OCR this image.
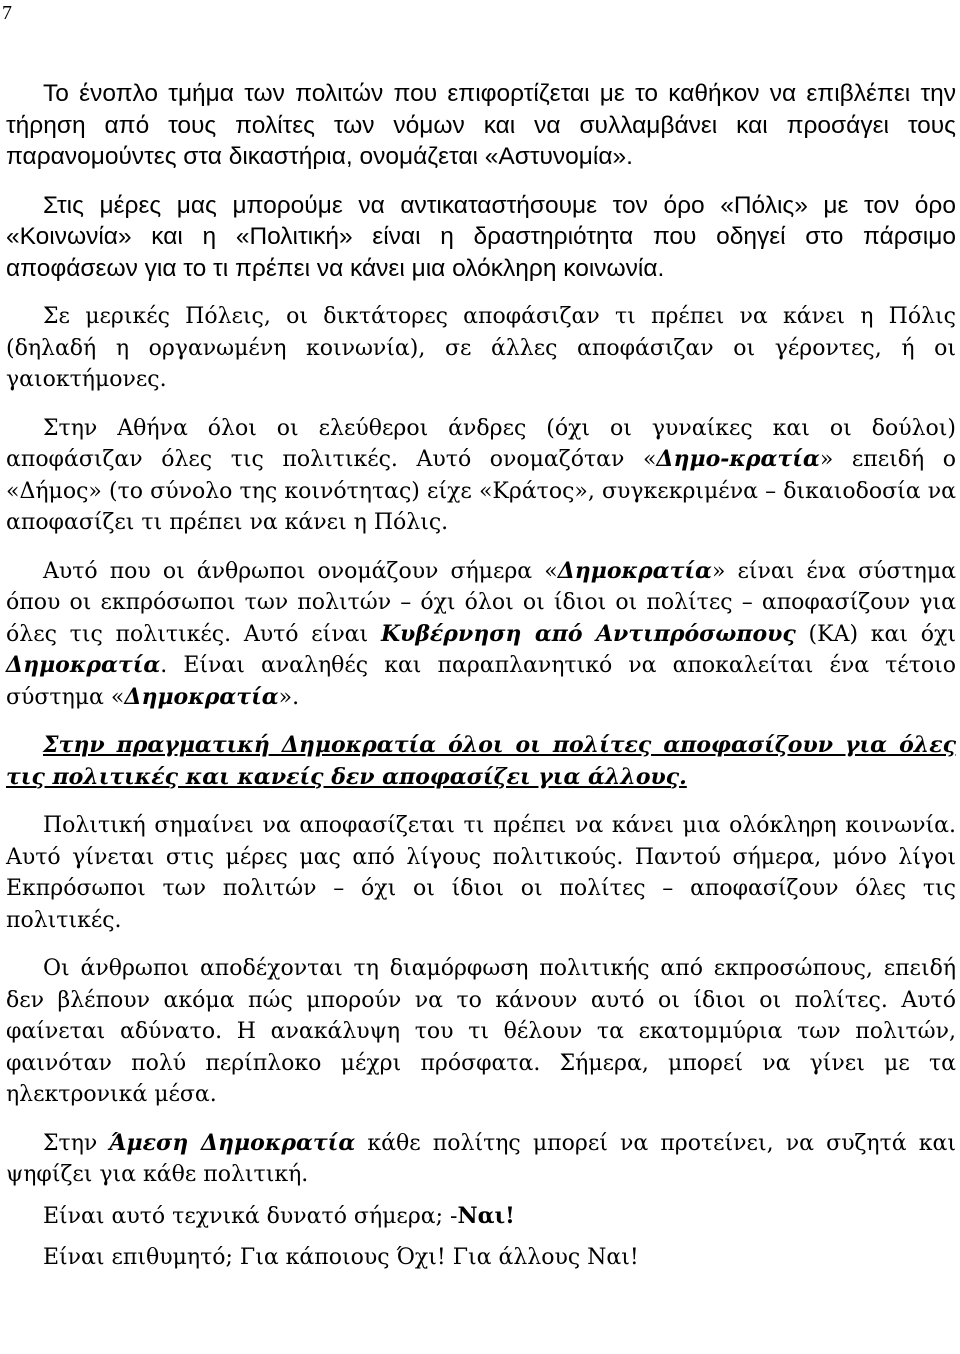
7

Το ένοπλο τμήμα των πολιτών που επιφορτίζεται με το καθήκον να επιβλέπει την τήρηση από τους πολίτες των νόμων και να συλλαμβάνει και προσάγει τους παρανομούντες στα δικαστήρια, ονομάζεται «Αστυνομία».

Στις μέρες μας μπορούμε να αντικαταστήσουμε τον όρο «Πόλις» με τον όρο «Κοινωνία» και η «Πολιτική» είναι η δραστηριότητα που οδηγεί στο πάρσιμο αποφάσεων για το τι πρέπει να κάνει μια ολόκληρη κοινωνία.

Σε μερικές Πόλεις, οι δικτάτορες αποφάσιζαν τι πρέπει να κάνει η Πόλις (δηλαδή η οργανωμένη κοινωνία), σε άλλες αποφάσιζαν οι γέροντες, ή οι γαιοκτήμονες.

Στην Αθήνα όλοι οι ελεύθεροι άνδρες (όχι οι γυναίκες και οι δούλοι) αποφάσιζαν όλες τις πολιτικές. Αυτό ονομαζόταν «Δημο-κρατία» επειδή ο «Δήμος» (το σύνολο της κοινότητας) είχε «Κράτος», συγκεκριμένα – δικαιοδοσία να αποφασίζει τι πρέπει να κάνει η Πόλις.

Αυτό που οι άνθρωποι ονομάζουν σήμερα «Δημοκρατία» είναι ένα σύστημα όπου οι εκπρόσωποι των πολιτών – όχι όλοι οι ίδιοι οι πολίτες – αποφασίζουν για όλες τις πολιτικές. Αυτό είναι Κυβέρνηση από Αντιπρόσωπους (ΚΑ) και όχι Δημοκρατία. Είναι αναληθές και παραπλανητικό να αποκαλείται ένα τέτοιο σύστημα «Δημοκρατία».

Στην πραγματική Δημοκρατία όλοι οι πολίτες αποφασίζουν για όλες τις πολιτικές και κανείς δεν αποφασίζει για άλλους.

Πολιτική σημαίνει να αποφασίζεται τι πρέπει να κάνει μια ολόκληρη κοινωνία. Αυτό γίνεται στις μέρες μας από λίγους πολιτικούς. Παντού σήμερα, μόνο λίγοι Εκπρόσωποι των πολιτών – όχι οι ίδιοι οι πολίτες – αποφασίζουν όλες τις πολιτικές.

Οι άνθρωποι αποδέχονται τη διαμόρφωση πολιτικής από εκπροσώπους, επειδή δεν βλέπουν ακόμα πώς μπορούν να το κάνουν αυτό οι ίδιοι οι πολίτες. Αυτό φαίνεται αδύνατο. Η ανακάλυψη του τι θέλουν τα εκατομμύρια των πολιτών, φαινόταν πολύ περίπλοκο μέχρι πρόσφατα. Σήμερα, μπορεί να γίνει με τα ηλεκτρονικά μέσα.

Στην Άμεση Δημοκρατία κάθε πολίτης μπορεί να προτείνει, να συζητά και ψηφίζει για κάθε πολιτική.

Είναι αυτό τεχνικά δυνατό σήμερα; -Ναι!

Είναι επιθυμητό; Για κάποιους Όχι! Για άλλους Ναι!
